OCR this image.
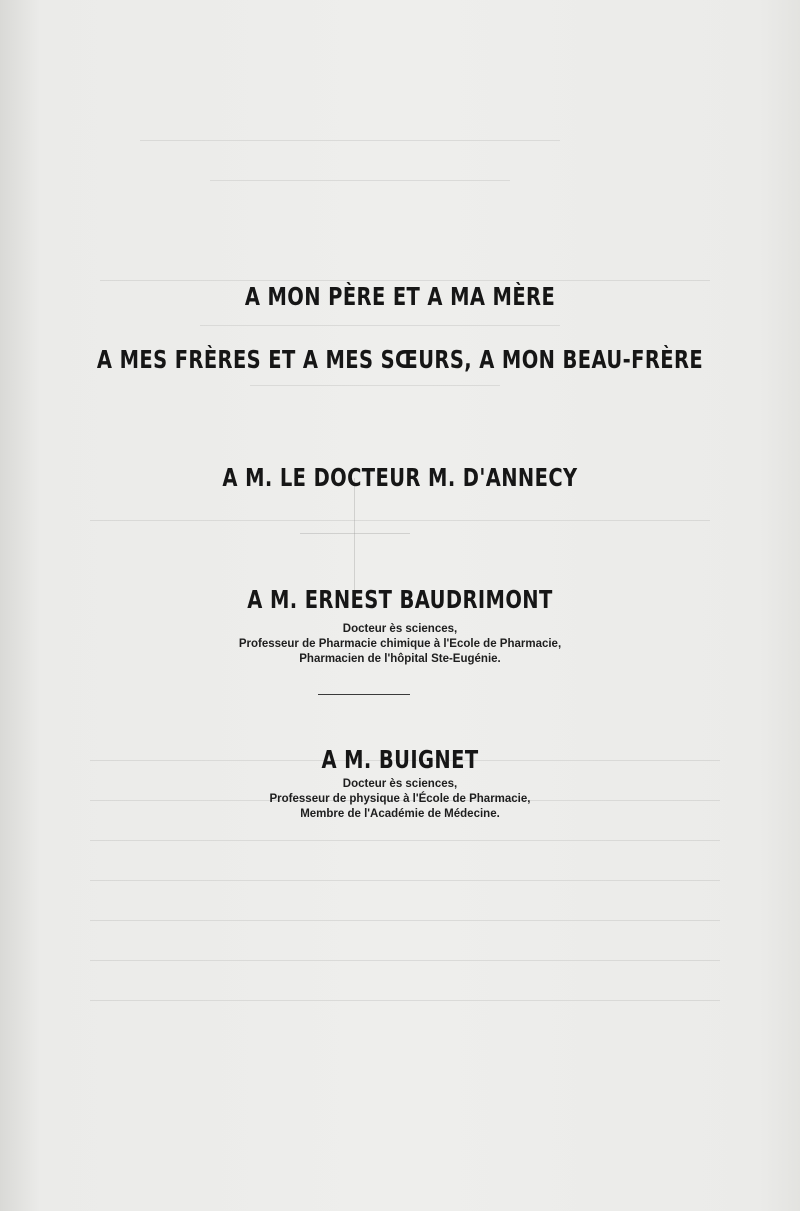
A MON PÈRE ET A MA MÈRE
A MES FRÈRES ET A MES SŒURS, A MON BEAU-FRÈRE
A M. LE DOCTEUR M. D'ANNECY
A M. ERNEST BAUDRIMONT
Docteur ès sciences,
Professeur de Pharmacie chimique à l'Ecole de Pharmacie,
Pharmacien de l'hôpital Ste-Eugénie.
A M. BUIGNET
Docteur ès sciences,
Professeur de physique à l'École de Pharmacie,
Membre de l'Académie de Médecine.
